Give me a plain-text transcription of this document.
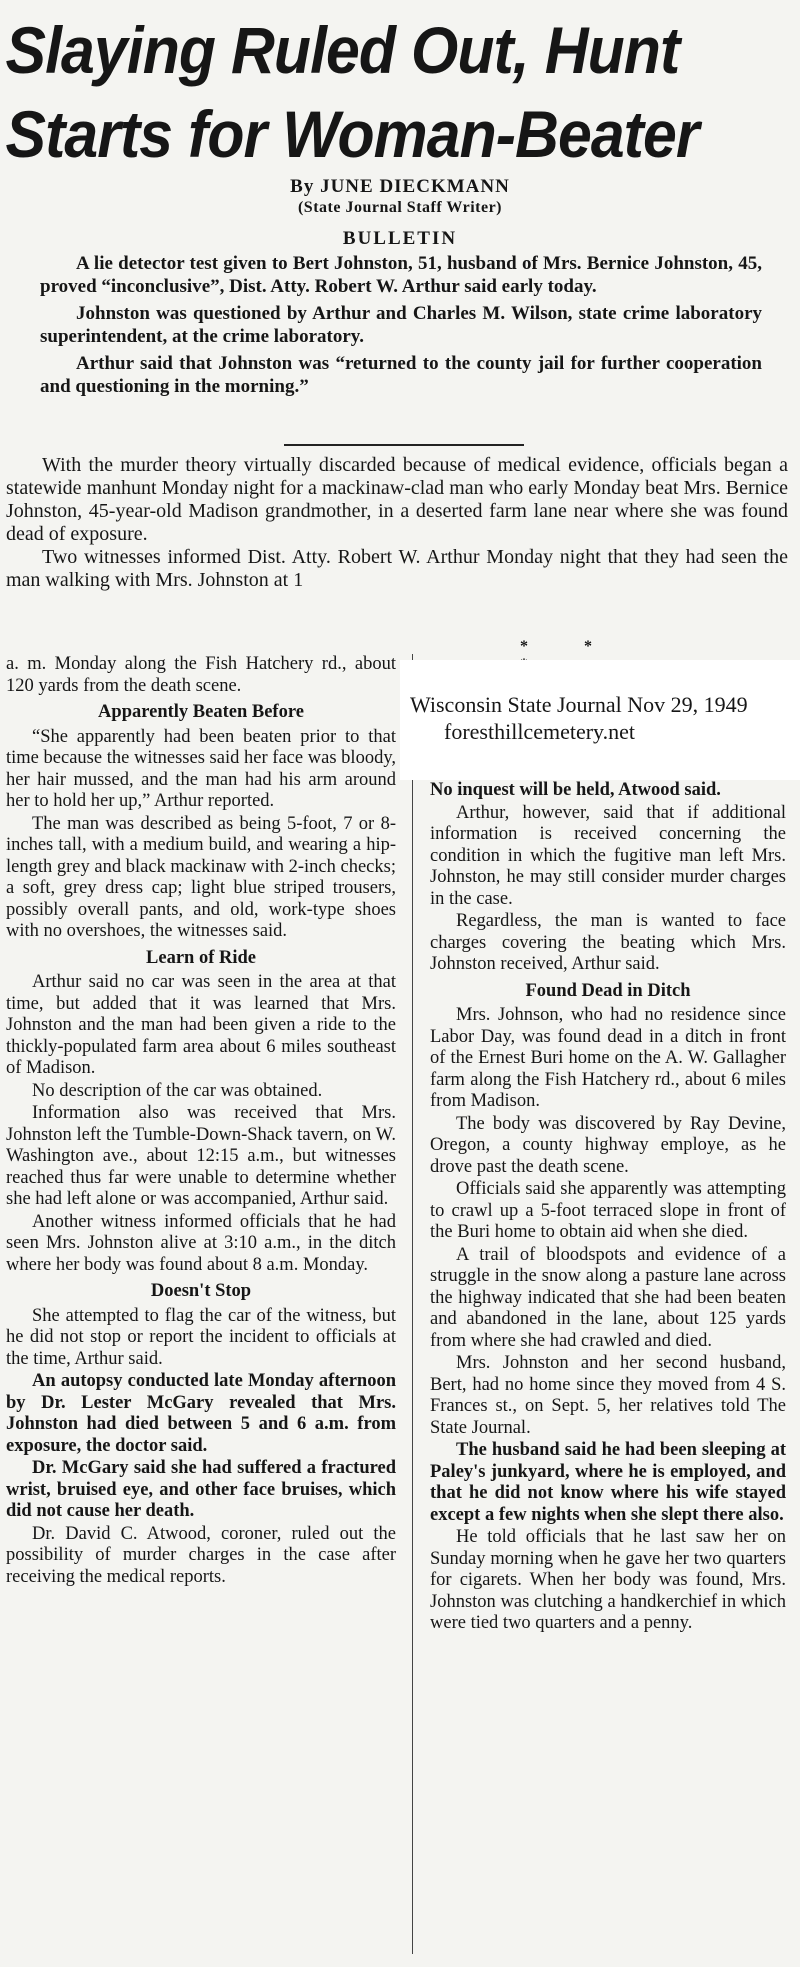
Slaying Ruled Out, Hunt
Starts for Woman-Beater

By JUNE DIECKMANN

(State Journal Staff Writer)

BULLETIN

A lie detector test given to Bert Johnston, 51, husband of Mrs. Bernice Johnston, 45, proved “inconclusive”, Dist. Atty. Robert W. Arthur said early today.

Johnston was questioned by Arthur and Charles M. Wilson, state crime laboratory superintendent, at the crime laboratory.

Arthur said that Johnston was “returned to the county jail for further cooperation and questioning in the morning.”

With the murder theory virtually discarded because of medical evidence, officials began a statewide manhunt Monday night for a mackinaw-clad man who early Monday beat Mrs. Bernice Johnston, 45-year-old Madison grandmother, in a deserted farm lane near where she was found dead of exposure.

Two witnesses informed Dist. Atty. Robert W. Arthur Monday night that they had seen the man walking with Mrs. Johnston at 1

* *

a. m. Monday along the Fish Hatchery rd., about 120 yards from the death scene.

Apparently Beaten Before

“She apparently had been beaten prior to that time because the witnesses said her face was bloody, her hair mussed, and the man had his arm around her to hold her up,” Arthur reported.

The man was described as being 5-foot, 7 or 8-inches tall, with a medium build, and wearing a hip-length grey and black mackinaw with 2-inch checks; a soft, grey dress cap; light blue striped trousers, possibly overall pants, and old, work-type shoes with no overshoes, the witnesses said.

Learn of Ride

Arthur said no car was seen in the area at that time, but added that it was learned that Mrs. Johnston and the man had been given a ride to the thickly-populated farm area about 6 miles southeast of Madison.

No description of the car was obtained.

Information also was received that Mrs. Johnston left the Tumble-Down-Shack tavern, on W. Washington ave., about 12:15 a.m., but witnesses reached thus far were unable to determine whether she had left alone or was accompanied, Arthur said.

Another witness informed officials that he had seen Mrs. Johnston alive at 3:10 a.m., in the ditch where her body was found about 8 a.m. Monday.

Doesn't Stop

She attempted to flag the car of the witness, but he did not stop or report the incident to officials at the time, Arthur said.

An autopsy conducted late Monday afternoon by Dr. Lester McGary revealed that Mrs. Johnston had died between 5 and 6 a.m. from exposure, the doctor said.

Dr. McGary said she had suffered a fractured wrist, bruised eye, and other face bruises, which did not cause her death.

Dr. David C. Atwood, coroner, ruled out the possibility of murder charges in the case after receiving the medical reports.

Wisconsin State Journal Nov 29, 1949

foresthillcemetery.net

No inquest will be held, Atwood said.

Arthur, however, said that if additional information is received concerning the condition in which the fugitive man left Mrs. Johnston, he may still consider murder charges in the case.

Regardless, the man is wanted to face charges covering the beating which Mrs. Johnston received, Arthur said.

Found Dead in Ditch

Mrs. Johnson, who had no residence since Labor Day, was found dead in a ditch in front of the Ernest Buri home on the A. W. Gallagher farm along the Fish Hatchery rd., about 6 miles from Madison.

The body was discovered by Ray Devine, Oregon, a county highway employe, as he drove past the death scene.

Officials said she apparently was attempting to crawl up a 5-foot terraced slope in front of the Buri home to obtain aid when she died.

A trail of bloodspots and evidence of a struggle in the snow along a pasture lane across the highway indicated that she had been beaten and abandoned in the lane, about 125 yards from where she had crawled and died.

Mrs. Johnston and her second husband, Bert, had no home since they moved from 4 S. Frances st., on Sept. 5, her relatives told The State Journal.

The husband said he had been sleeping at Paley's junkyard, where he is employed, and that he did not know where his wife stayed except a few nights when she slept there also.

He told officials that he last saw her on Sunday morning when he gave her two quarters for cigarets. When her body was found, Mrs. Johnston was clutching a handkerchief in which were tied two quarters and a penny.
